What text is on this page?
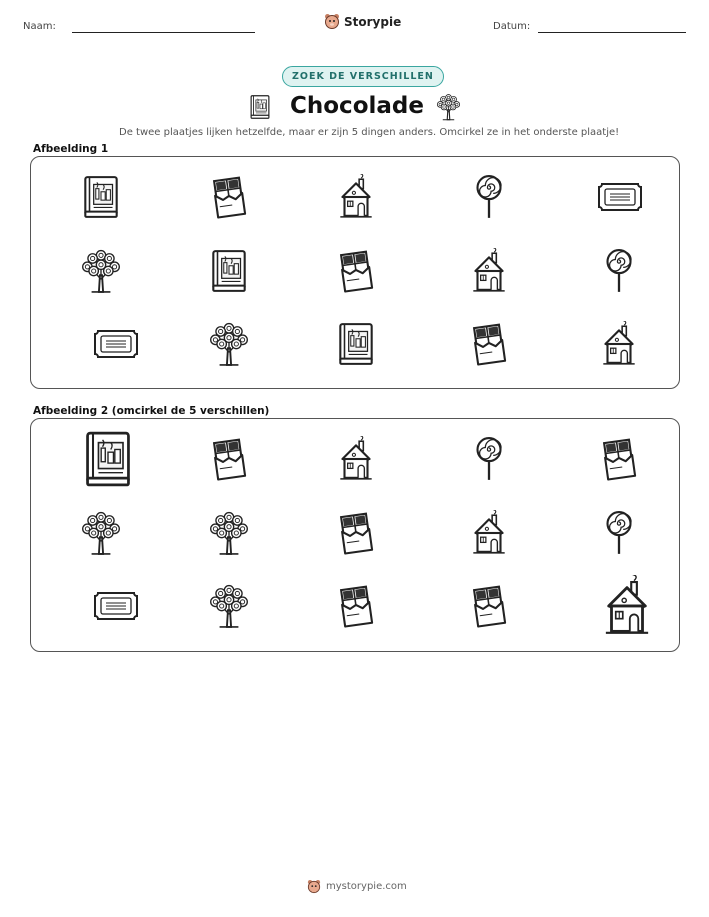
Naam:	Storypie	Datum:
ZOEK DE VERSCHILLEN
Chocolade
De twee plaatjes lijken hetzelfde, maar er zijn 5 dingen anders. Omcirkel ze in het onderste plaatje!
Afbeelding 1
Afbeelding 2 (omcirkel de 5 verschillen)
mystorypie.com
